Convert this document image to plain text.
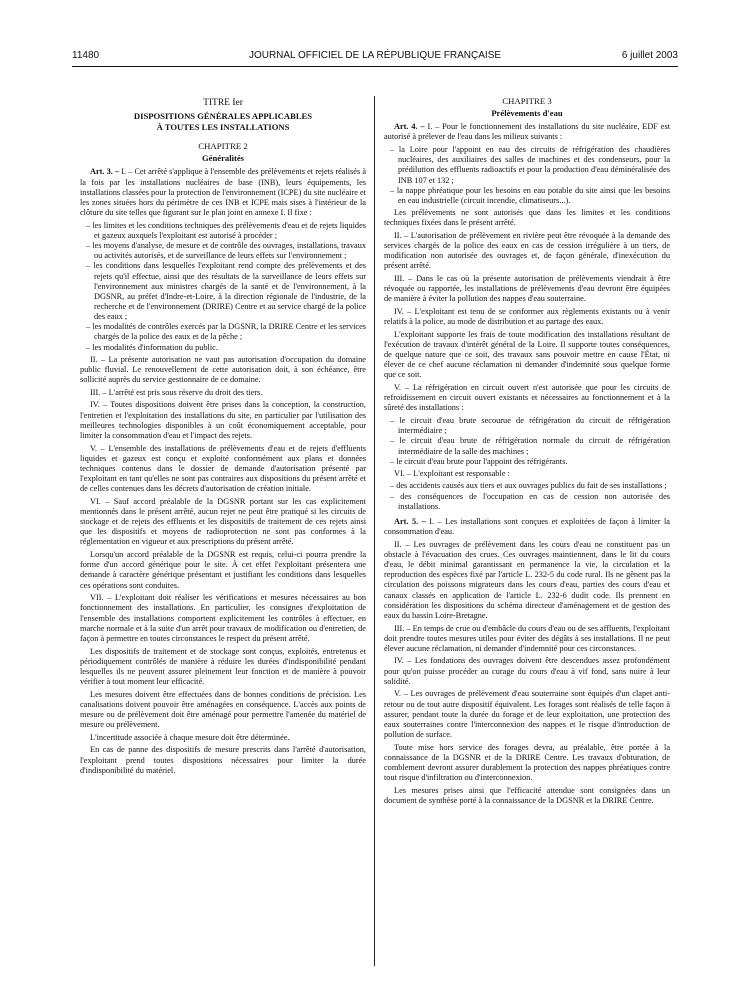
11480	JOURNAL OFFICIEL DE LA RÉPUBLIQUE FRANÇAISE	6 juillet 2003
TITRE Ier
DISPOSITIONS GÉNÉRALES APPLICABLES
À TOUTES LES INSTALLATIONS
CHAPITRE 2
Généralités

Art. 3. – I. – Cet arrêté s'applique à l'ensemble des prélèvements et rejets réalisés à la fois par les installations nucléaires de base (INB), leurs équipements, les installations classées pour la protection de l'environnement (ICPE) du site nucléaire et les zones situées hors du périmètre de ces INB et ICPE mais sises à l'intérieur de la clôture du site telles que figurant sur le plan joint en annexe I. Il fixe :

– les limites et les conditions techniques des prélèvements d'eau et de rejets liquides et gazeux auxquels l'exploitant est autorisé à procéder ;
– les moyens d'analyse, de mesure et de contrôle des ouvrages, installations, travaux ou activités autorisés, et de surveillance de leurs effets sur l'environnement ;
– les conditions dans lesquelles l'exploitant rend compte des prélèvements et des rejets qu'il effectue, ainsi que des résultats de la surveillance de leurs effets sur l'environnement aux ministres chargés de la santé et de l'environnement, à la DGSNR, au préfet d'Indre-et-Loire, à la direction régionale de l'industrie, de la recherche et de l'environnement (DRIRE) Centre et au service chargé de la police des eaux ;
– les modalités de contrôles exercés par la DGSNR, la DRIRE Centre et les services chargés de la police des eaux et de la pêche ;
– les modalités d'information du public.

II. – La présente autorisation ne vaut pas autorisation d'occupation du domaine public fluvial. Le renouvellement de cette autorisation doit, à son échéance, être sollicité auprès du service gestionnaire de ce domaine.

III. – L'arrêté est pris sous réserve du droit des tiers.

IV. – Toutes dispositions doivent être prises dans la conception, la construction, l'entretien et l'exploitation des installations du site, en particulier par l'utilisation des meilleures technologies disponibles à un coût économiquement acceptable, pour limiter la consommation d'eau et l'impact des rejets.

V. – L'ensemble des installations de prélèvements d'eau et de rejets d'effluents liquides et gazeux est conçu et exploité conformément aux plans et données techniques contenus dans le dossier de demande d'autorisation présenté par l'exploitant en tant qu'elles ne sont pas contraires aux dispositions du présent arrêté et de celles contenues dans les décrets d'autorisation de création initiale.

VI. – Sauf accord préalable de la DGSNR portant sur les cas explicitement mentionnés dans le présent arrêté, aucun rejet ne peut être pratiqué si les circuits de stockage et de rejets des effluents et les dispositifs de traitement de ces rejets ainsi que les dispositifs et moyens de radioprotection ne sont pas conformes à la réglementation en vigueur et aux prescriptions du présent arrêté.

Lorsqu'un accord préalable de la DGSNR est requis, celui-ci pourra prendre la forme d'un accord générique pour le site. À cet effet l'exploitant présentera une demande à caractère générique présentant et justifiant les conditions dans lesquelles ces opérations sont conduites.

VII. – L'exploitant doit réaliser les vérifications et mesures nécessaires au bon fonctionnement des installations. En particulier, les consignes d'exploitation de l'ensemble des installations comportent explicitement les contrôles à effectuer, en marche normale et à la suite d'un arrêt pour travaux de modification ou d'entretien, de façon à permettre en toutes circonstances le respect du présent arrêté.

Les dispositifs de traitement et de stockage sont conçus, exploités, entretenus et périodiquement contrôlés de manière à réduire les durées d'indisponibilité pendant lesquelles ils ne peuvent assurer pleinement leur fonction et de manière à pouvoir vérifier à tout moment leur efficacité.

Les mesures doivent être effectuées dans de bonnes conditions de précision. Les canalisations doivent pouvoir être aménagées en conséquence. L'accès aux points de mesure ou de prélèvement doit être aménagé pour permettre l'amenée du matériel de mesure ou prélèvement.

L'incertitude associée à chaque mesure doit être déterminée.

En cas de panne des dispositifs de mesure prescrits dans l'arrêté d'autorisation, l'exploitant prend toutes dispositions nécessaires pour limiter la durée d'indisponibilité du matériel.

CHAPITRE 3
Prélèvements d'eau

Art. 4. – I. – Pour le fonctionnement des installations du site nucléaire, EDF est autorisé à prélever de l'eau dans les milieux suivants :

– la Loire pour l'appoint en eau des circuits de réfrigération des chaudières nucléaires, des auxiliaires des salles de machines et des condenseurs, pour la prédilution des effluents radioactifs et pour la production d'eau déminéralisée des INB 107 et 132 ;
– la nappe phréatique pour les besoins en eau potable du site ainsi que les besoins en eau industrielle (circuit incendie, climatiseurs...).

Les prélèvements ne sont autorisés que dans les limites et les conditions techniques fixées dans le présent arrêté.

II. – L'autorisation de prélèvement en rivière peut être révoquée à la demande des services chargés de la police des eaux en cas de cession irrégulière à un tiers, de modification non autorisée des ouvrages et, de façon générale, d'inexécution du présent arrêté.

III. – Dans le cas où la présente autorisation de prélèvements viendrait à être révoquée ou rapportée, les installations de prélèvements d'eau devront être équipées de manière à éviter la pollution des nappes d'eau souterraine.

IV. – L'exploitant est tenu de se conformer aux règlements existants ou à venir relatifs à la police, au mode de distribution et au partage des eaux.

L'exploitant supporte les frais de toute modification des installations résultant de l'exécution de travaux d'intérêt général de la Loire. Il supporte toutes conséquences, de quelque nature que ce soit, des travaux sans pouvoir mettre en cause l'État, ni élever de ce chef aucune réclamation ni demander d'indemnité sous quelque forme que ce soit.

V. – La réfrigération en circuit ouvert n'est autorisée que pour les circuits de refroidissement en circuit ouvert existants et nécessaires au fonctionnement et à la sûreté des installations :

– le circuit d'eau brute secourue de réfrigération du circuit de réfrigération intermédiaire ;
– le circuit d'eau brute de réfrigération normale du circuit de réfrigération intermédiaire de la salle des machines ;
– le circuit d'eau brute pour l'appoint des réfrigérants.

VI. – L'exploitant est responsable :

– des accidents causés aux tiers et aux ouvrages publics du fait de ses installations ;
– des conséquences de l'occupation en cas de cession non autorisée des installations.

Art. 5. – I. – Les installations sont conçues et exploitées de façon à limiter la consommation d'eau.

II. – Les ouvrages de prélèvement dans les cours d'eau ne constituent pas un obstacle à l'évacuation des crues. Ces ouvrages maintiennent, dans le lit du cours d'eau, le débit minimal garantissant en permanence la vie, la circulation et la reproduction des espèces fixé par l'article L. 232-5 du code rural. Ils ne gênent pas la circulation des poissons migrateurs dans les cours d'eau, parties des cours d'eau et canaux classés en application de l'article L. 232-6 dudit code. Ils prennent en considération les dispositions du schéma directeur d'aménagement et de gestion des eaux du bassin Loire-Bretagne.

III. – En temps de crue ou d'embâcle du cours d'eau ou de ses affluents, l'exploitant doit prendre toutes mesures utiles pour éviter des dégâts à ses installations. Il ne peut élever aucune réclamation, ni demander d'indemnité pour ces circonstances.

IV. – Les fondations des ouvrages doivent être descendues assez profondément pour qu'on puisse procéder au curage du cours d'eau à vif fond, sans nuire à leur solidité.

V. – Les ouvrages de prélèvement d'eau souterraine sont équipés d'un clapet anti-retour ou de tout autre dispositif équivalent. Les forages sont réalisés de telle façon à assurer, pendant toute la durée du forage et de leur exploitation, une protection des eaux souterraines contre l'interconnexion des nappes et le risque d'introduction de pollution de surface.

Toute mise hors service des forages devra, au préalable, être portée à la connaissance de la DGSNR et de la DRIRE Centre. Les travaux d'obturation, de comblement devront assurer durablement la protection des nappes phréatiques contre tout risque d'infiltration ou d'interconnexion.

Les mesures prises ainsi que l'efficacité attendue sont consignées dans un document de synthèse porté à la connaissance de la DGSNR et la DRIRE Centre.
